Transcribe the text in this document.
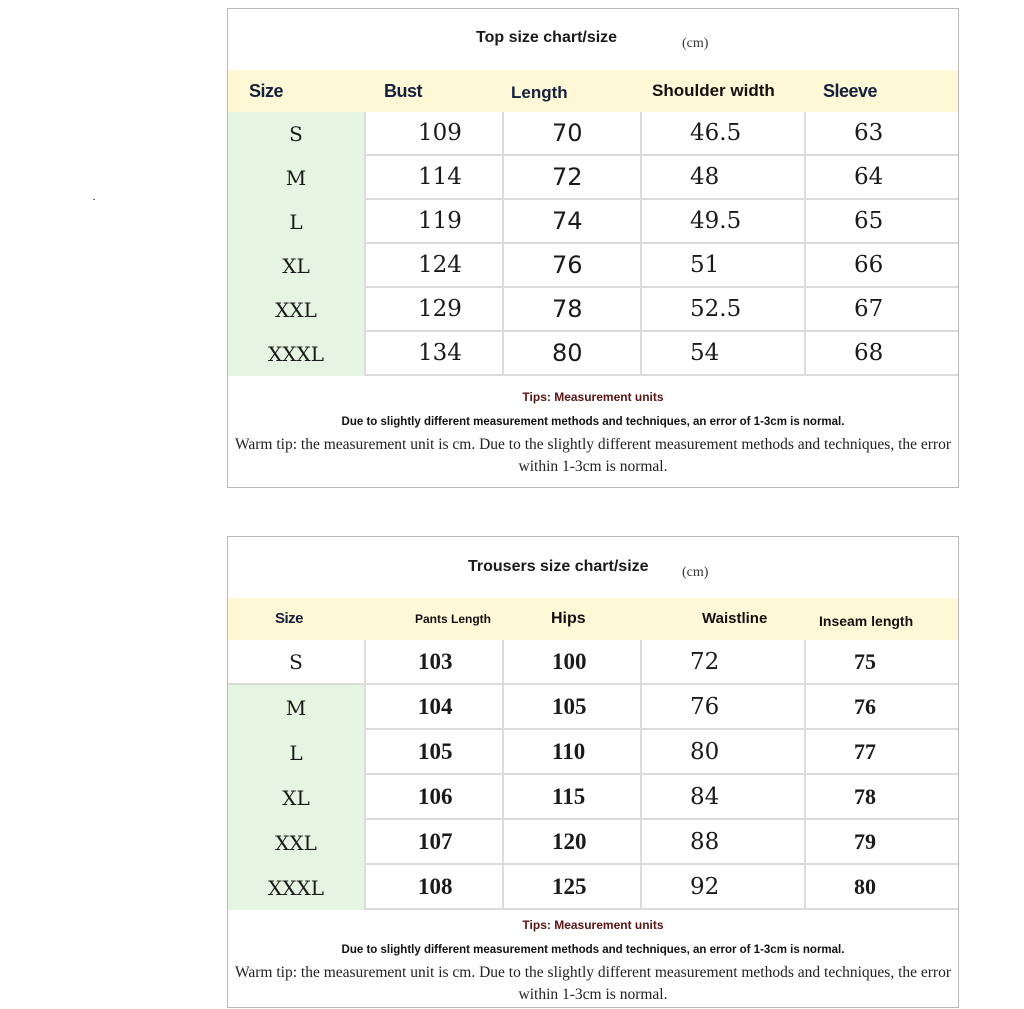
Top size chart/size	(cm)
Size	Bust	Length	Shoulder width	Sleeve
S	109	70	46.5	63
M	114	72	48	64
L	119	74	49.5	65
XL	124	76	51	66
XXL	129	78	52.5	67
XXXL	134	80	54	68
Tips: Measurement units
Due to slightly different measurement methods and techniques, an error of 1-3cm is normal.
Warm tip: the measurement unit is cm. Due to the slightly different measurement methods and techniques, the error within 1-3cm is normal.
Trousers size chart/size (cm)
Size	Pants Length	Hips	Waistline	Inseam length
S	103	100	72	75
M	104	105	76	76
L	105	110	80	77
XL	106	115	84	78
XXL	107	120	88	79
XXXL	108	125	92	80
Tips: Measurement units
Due to slightly different measurement methods and techniques, an error of 1-3cm is normal.
Warm tip: the measurement unit is cm. Due to the slightly different measurement methods and techniques, the error within 1-3cm is normal.
